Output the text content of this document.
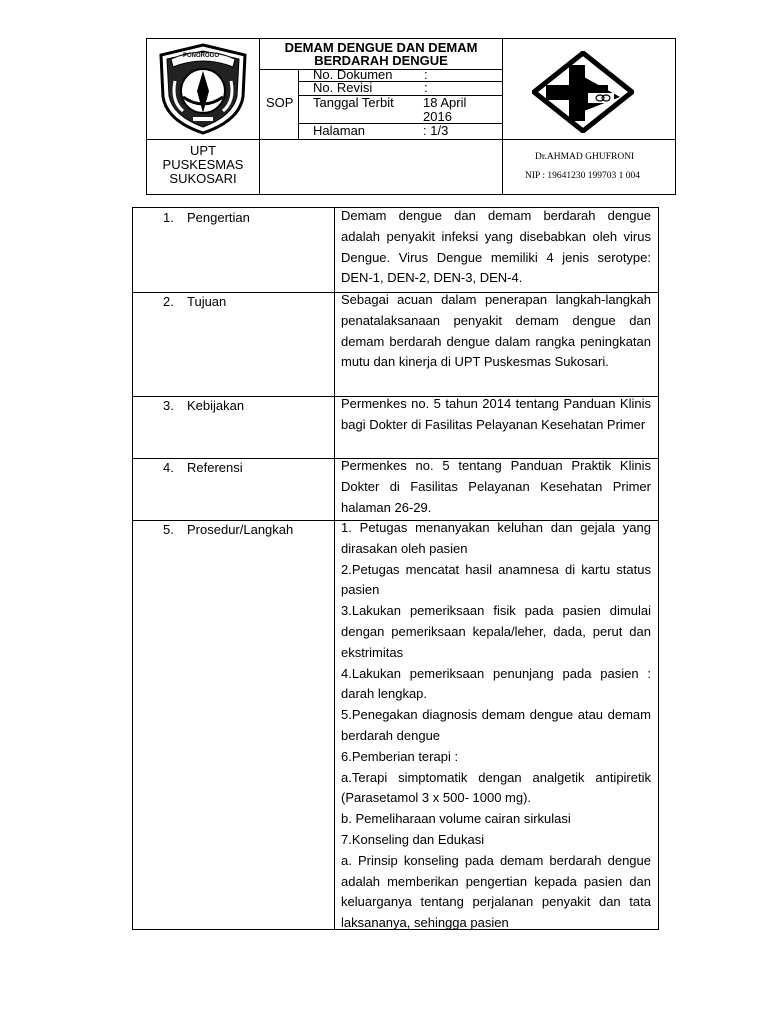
PONOROGO
DEMAM DENGUE DAN DEMAM BERDARAH DENGUE
SOP
No. Dokumen :
No. Revisi	:
Tanggal Terbit 18 April 2016
Halaman	: 1/3
UPT
PUSKESMAS
SUKOSARI
Dr.AHMAD GHUFRONI
NIP : 19641230 199703 1 004
1. Pengertian	Demam dengue dan demam berdarah dengue adalah penyakit infeksi yang disebabkan oleh virus Dengue. Virus Dengue memiliki 4 jenis serotype: DEN-1, DEN-2, DEN-3, DEN-4.

2. Tujuan	Sebagai acuan dalam penerapan langkah-langkah penatalaksanaan penyakit demam dengue dan demam berdarah dengue dalam rangka peningkatan mutu dan kinerja di UPT Puskesmas Sukosari.

3. Kebijakan	Permenkes no. 5 tahun 2014 tentang Panduan Klinis bagi Dokter di Fasilitas Pelayanan Kesehatan Primer

4. Referensi	Permenkes no. 5 tentang Panduan Praktik Klinis Dokter di Fasilitas Pelayanan Kesehatan Primer halaman 26-29.

5. Prosedur/Langkah	1. Petugas menanyakan keluhan dan gejala yang dirasakan oleh pasien

2.Petugas mencatat hasil anamnesa di kartu status pasien

3.Lakukan pemeriksaan fisik pada pasien dimulai dengan pemeriksaan kepala/leher, dada, perut dan ekstrimitas

4.Lakukan pemeriksaan penunjang pada pasien : darah lengkap.

5.Penegakan diagnosis demam dengue atau demam berdarah dengue

6.Pemberian terapi :

a.Terapi simptomatik dengan analgetik antipiretik (Parasetamol 3 x 500- 1000 mg).

b. Pemeliharaan volume cairan sirkulasi

7.Konseling dan Edukasi

a. Prinsip konseling pada demam berdarah dengue adalah memberikan pengertian kepada pasien dan keluarganya tentang perjalanan penyakit dan tata laksananya, sehingga pasien
